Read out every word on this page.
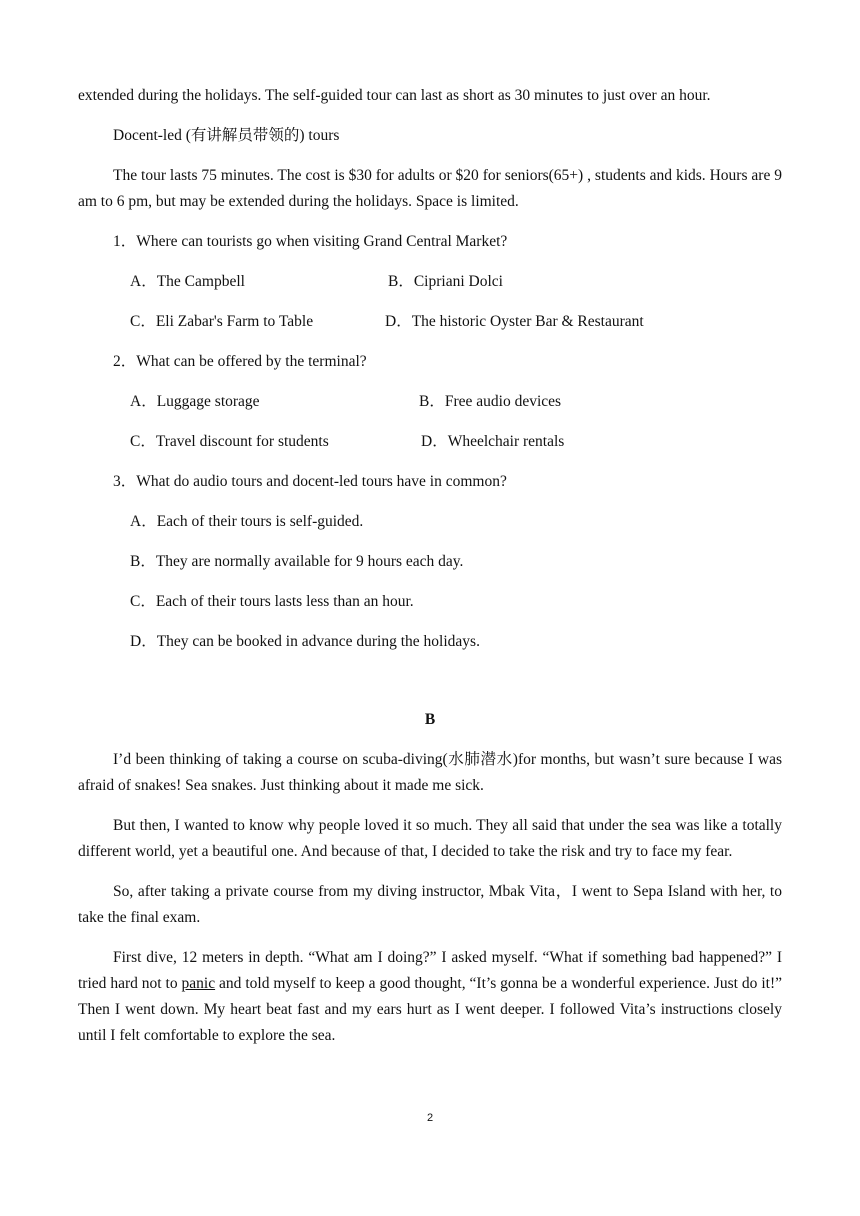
extended during the holidays. The self-guided tour can last as short as 30 minutes to just over an hour.

Docent-led (有讲解员带领的) tours

The tour lasts 75 minutes. The cost is $30 for adults or $20 for seniors(65+) , students and kids. Hours are 9 am to 6 pm, but may be extended during the holidays. Space is limited.

1．Where can tourists go when visiting Grand Central Market?

A．The Campbell	B．Cipriani Dolci
C．Eli Zabar's Farm to Table	D．The historic Oyster Bar & Restaurant

2．What can be offered by the terminal?

A．Luggage storage	B．Free audio devices
C．Travel discount for students	D．Wheelchair rentals

3．What do audio tours and docent-led tours have in common?

A．Each of their tours is self-guided.

B．They are normally available for 9 hours each day.

C．Each of their tours lasts less than an hour.

D．They can be booked in advance during the holidays.

B

I’d been thinking of taking a course on scuba-diving(水肺潜水)for months, but wasn’t sure because I was afraid of snakes! Sea snakes. Just thinking about it made me sick.

But then, I wanted to know why people loved it so much. They all said that under the sea was like a totally different world, yet a beautiful one. And because of that, I decided to take the risk and try to face my fear.

So, after taking a private course from my diving instructor, Mbak Vita，I went to Sepa Island with her, to take the final exam.

First dive, 12 meters in depth. “What am I doing?” I asked myself. “What if something bad happened?” I tried hard not to panic and told myself to keep a good thought, “It’s gonna be a wonderful experience. Just do it!” Then I went down. My heart beat fast and my ears hurt as I went deeper. I followed Vita’s instructions closely until I felt comfortable to explore the sea.

2
